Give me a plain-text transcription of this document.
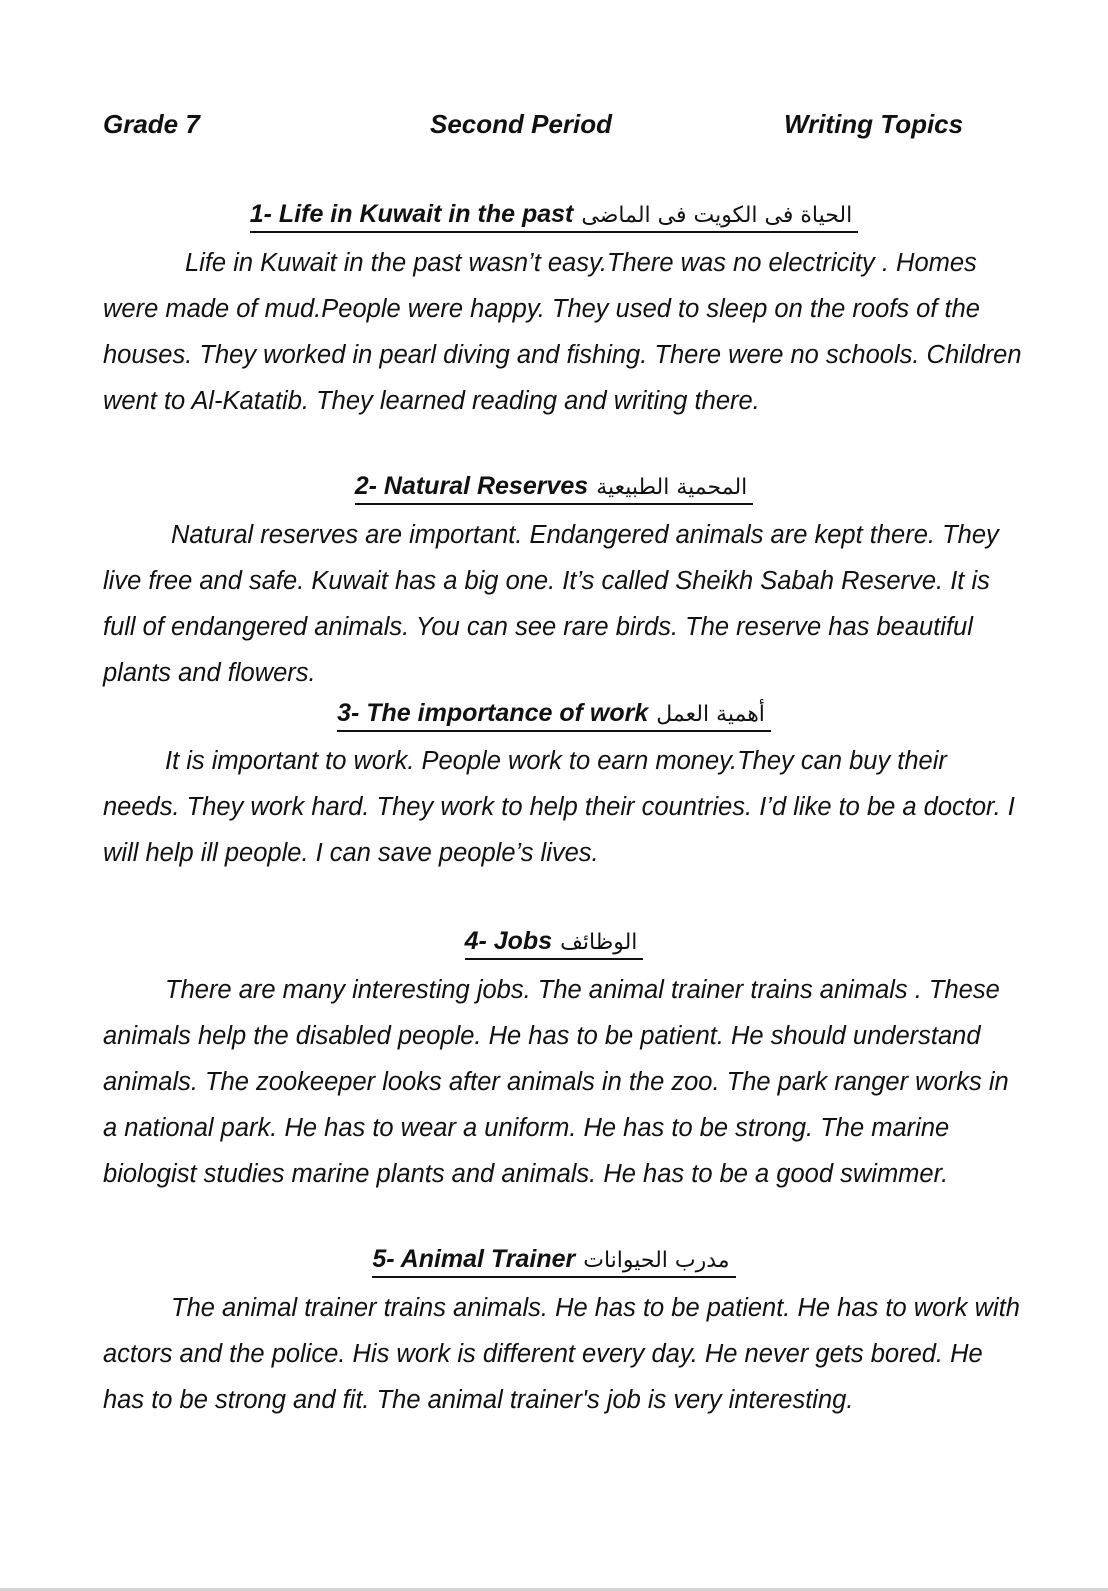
Grade 7	Second Period	Writing Topics
1- Life in Kuwait in the past الحياة فى الكويت فى الماضى
Life in Kuwait in the past wasn’t easy.There was no electricity . Homes were made of mud.People were happy. They used to sleep on the roofs of the houses. They worked in pearl diving and fishing. There were no schools. Children went to Al-Katatib. They learned reading and writing there.
2- Natural Reserves المحمية الطبيعية
Natural reserves are important. Endangered animals are kept there. They live free and safe. Kuwait has a big one. It’s called Sheikh Sabah Reserve. It is full of endangered animals. You can see rare birds. The reserve has beautiful plants and flowers.
3- The importance of work أهمية العمل
It is important to work. People work to earn money.They can buy their needs. They work hard. They work to help their countries. I’d like to be a doctor. I will help ill people. I can save people’s lives.
4- Jobs الوظائف
There are many interesting jobs. The animal trainer trains animals . These animals help the disabled people. He has to be patient. He should understand animals. The zookeeper looks after animals in the zoo. The park ranger works in a national park. He has to wear a uniform. He has to be strong. The marine biologist studies marine plants and animals. He has to be a good swimmer.
5- Animal Trainer مدرب الحيوانات
The animal trainer trains animals. He has to be patient. He has to work with actors and the police. His work is different every day. He never gets bored. He has to be strong and fit. The animal trainer's job is very interesting.
